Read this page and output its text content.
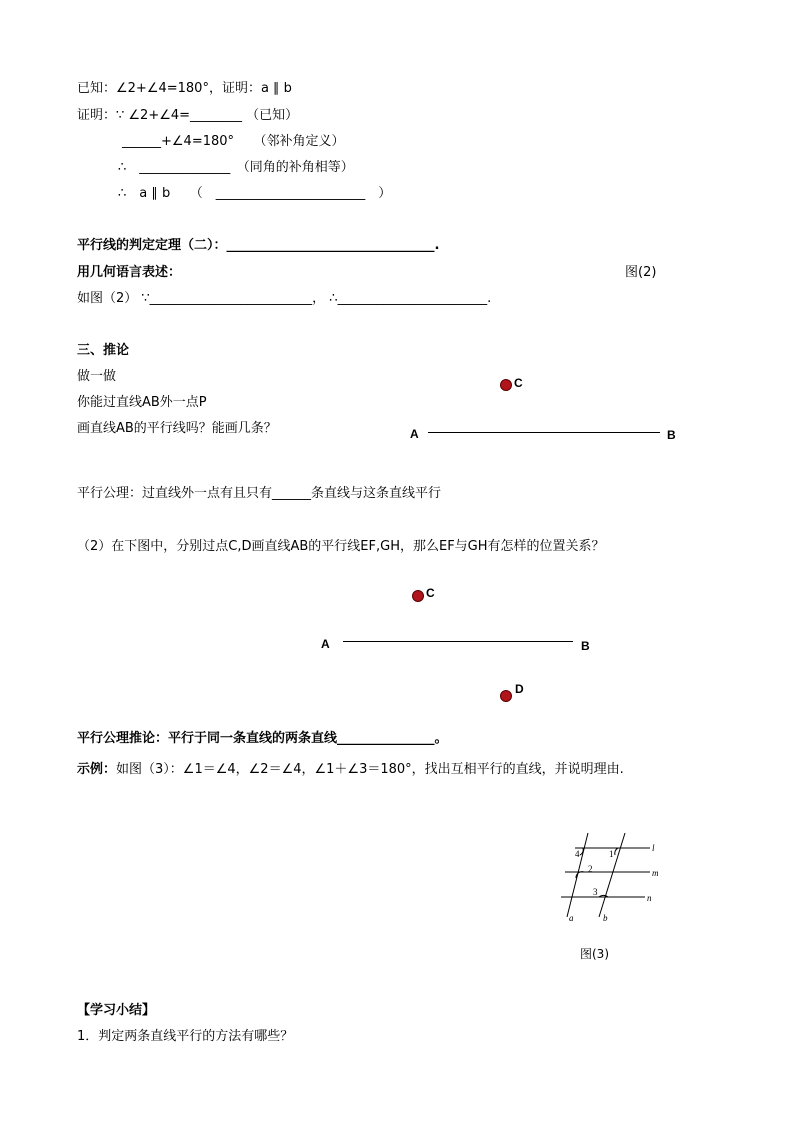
已知：∠2+∠4=180°，证明：a ∥ b
证明：∵ ∠2+∠4=________ （已知）
______+∠4=180°　　（邻补角定义）
∴　______________　（同角的补角相等）
∴　a ∥ b　　（　_______________________　）
平行线的判定定理（二）：________________________________.
用几何语言表述：	图(2)
如图（2） ∵_________________________， ∴_______________________.
三、推论
做一做
你能过直线AB外一点P
画直线AB的平行线吗？能画几条？
C
A	B
平行公理：过直线外一点有且只有______条直线与这条直线平行
（2）在下图中，分别过点C,D画直线AB的平行线EF,GH，那么EF与GH有怎样的位置关系？
C
A	B
D
平行公理推论：平行于同一条直线的两条直线_______________。
示例：如图（3）：∠1＝∠4，∠2＝∠4，∠1＋∠3＝180°，找出互相平行的直线，并说明理由.
4	1
2
3
l
m
n
a	b
图(3)
【学习小结】
1．判定两条直线平行的方法有哪些？
